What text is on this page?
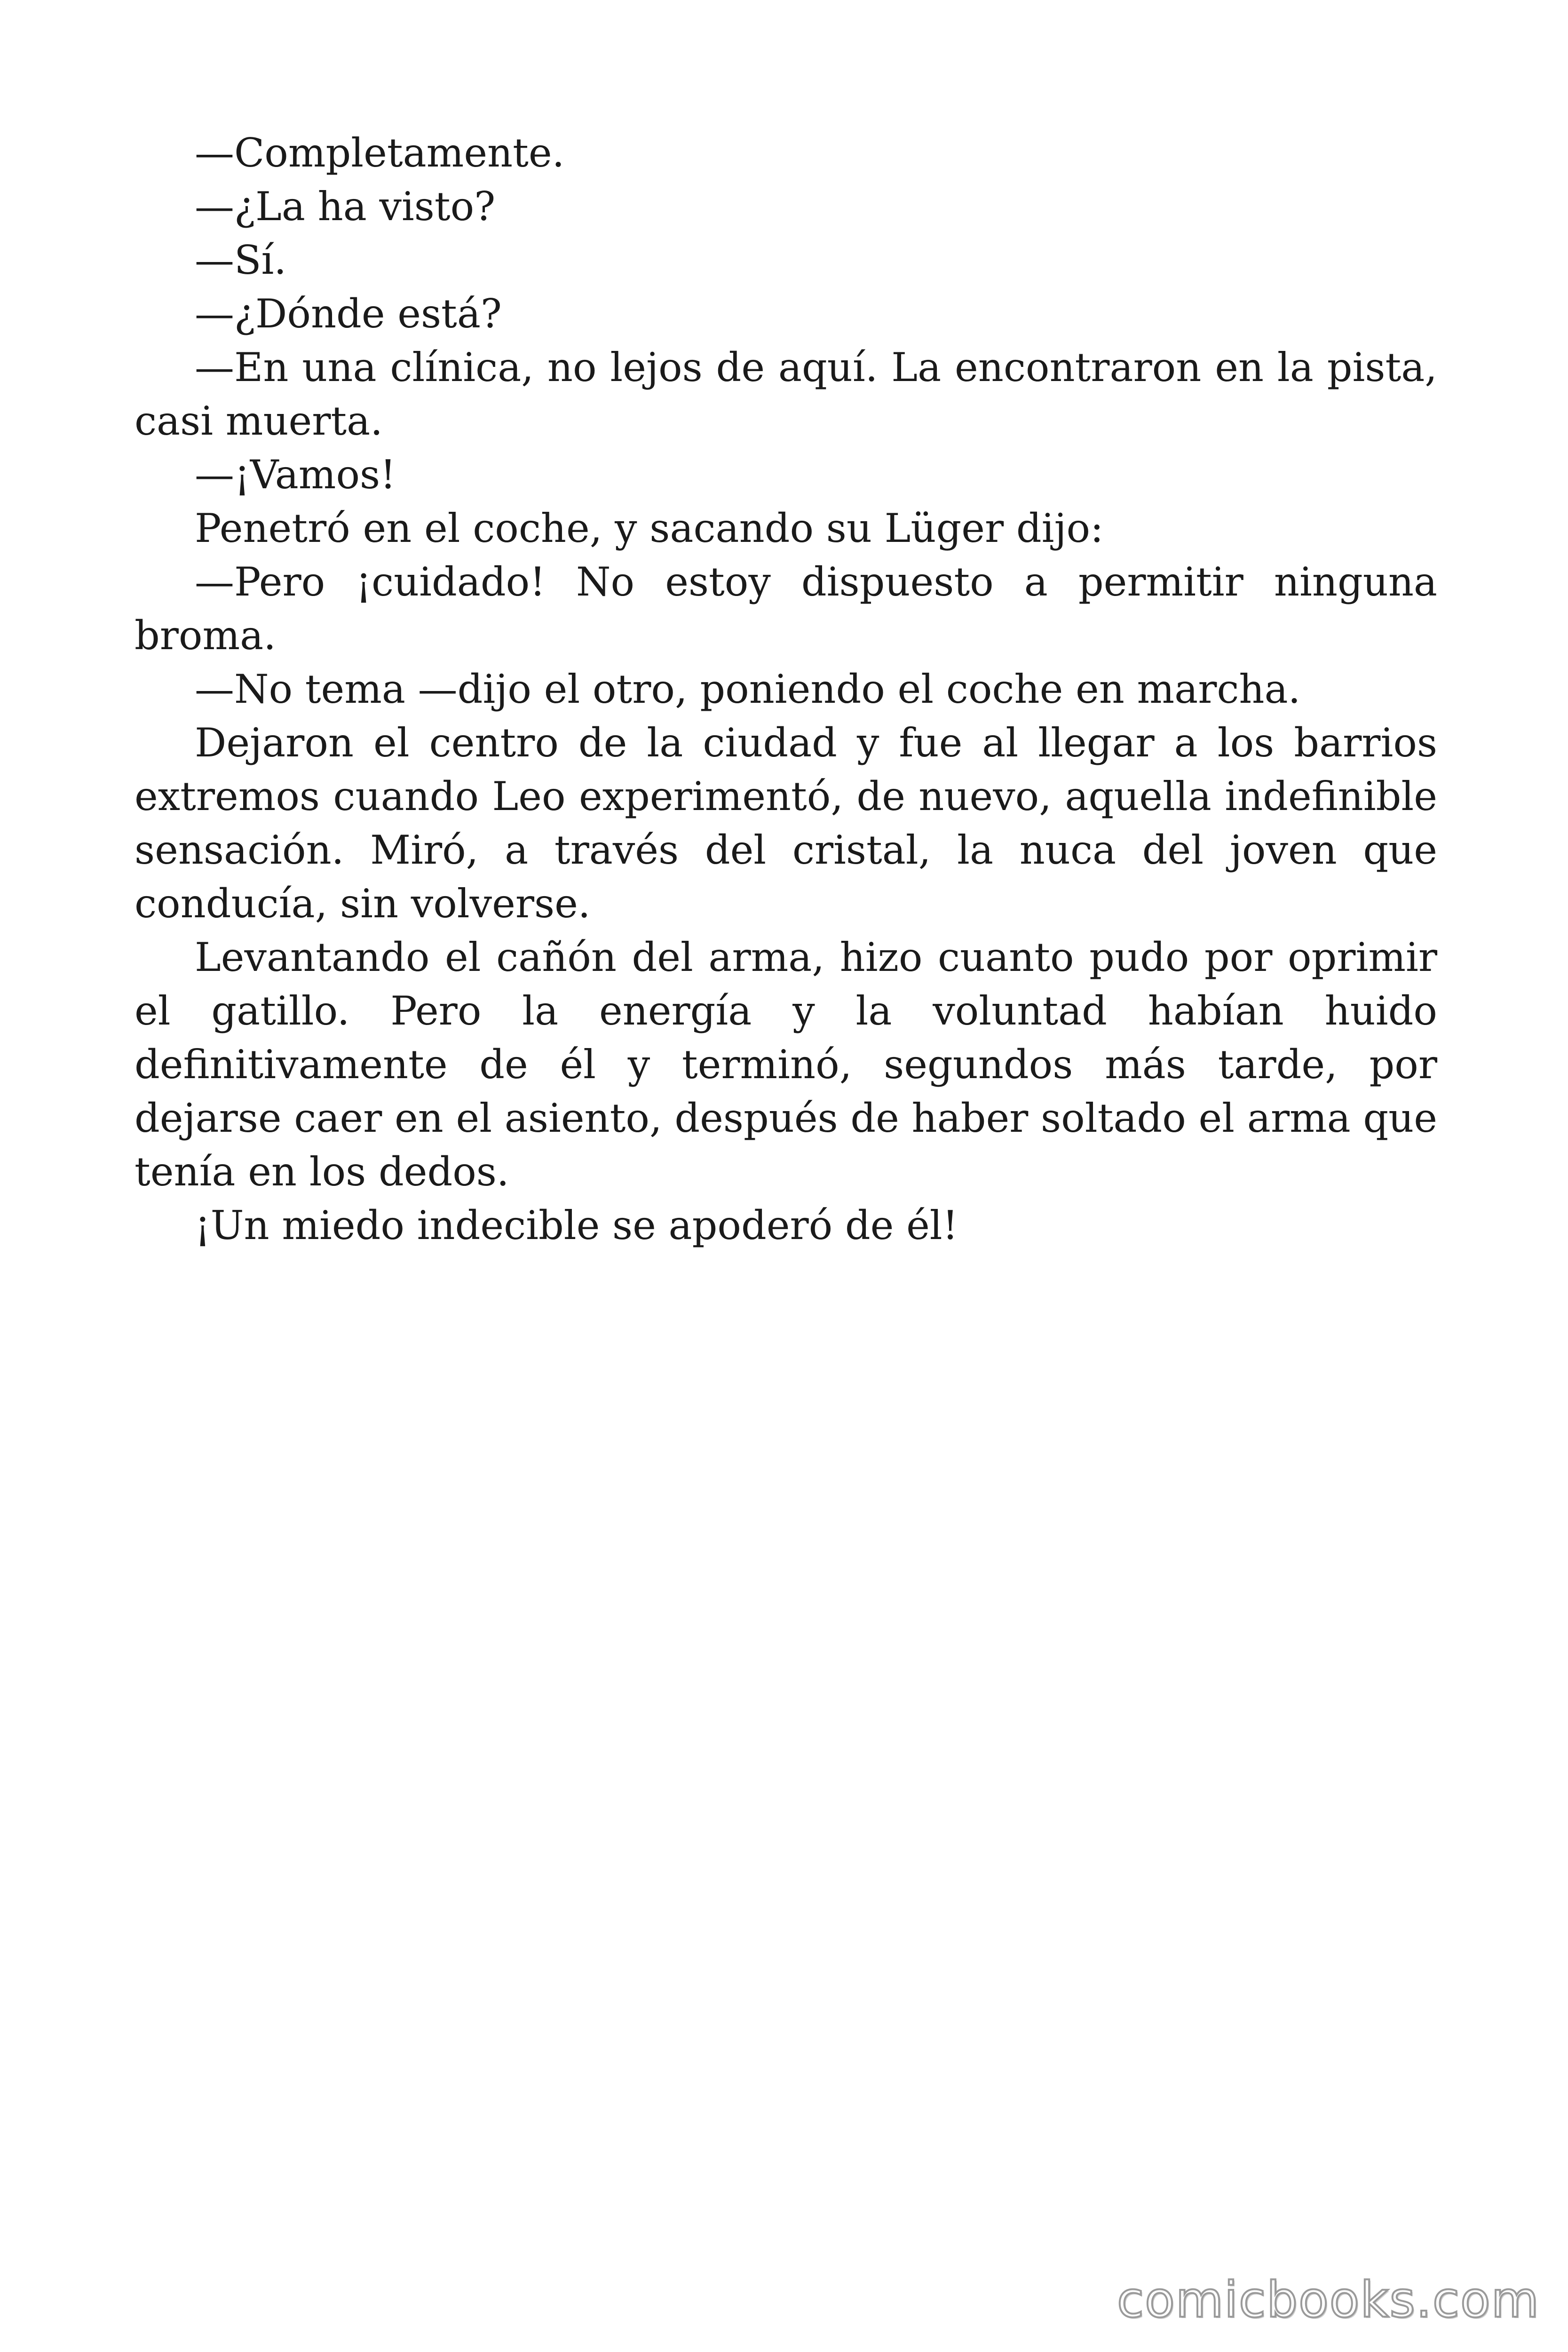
—Completamente.

—¿La ha visto?

—Sí.

—¿Dónde está?

—En una clínica, no lejos de aquí. La encontraron en la pista, casi muerta.

—¡Vamos!

Penetró en el coche, y sacando su Lüger dijo:

—Pero ¡cuidado! No estoy dispuesto a permitir ninguna broma.

—No tema —dijo el otro, poniendo el coche en marcha.

Dejaron el centro de la ciudad y fue al llegar a los barrios extremos cuando Leo experimentó, de nuevo, aquella indefinible sensación. Miró, a través del cristal, la nuca del joven que conducía, sin volverse.

Levantando el cañón del arma, hizo cuanto pudo por oprimir el gatillo. Pero la energía y la voluntad habían huido definitivamente de él y terminó, segundos más tarde, por dejarse caer en el asiento, después de haber soltado el arma que tenía en los dedos.

¡Un miedo indecible se apoderó de él!

comicbooks.com
